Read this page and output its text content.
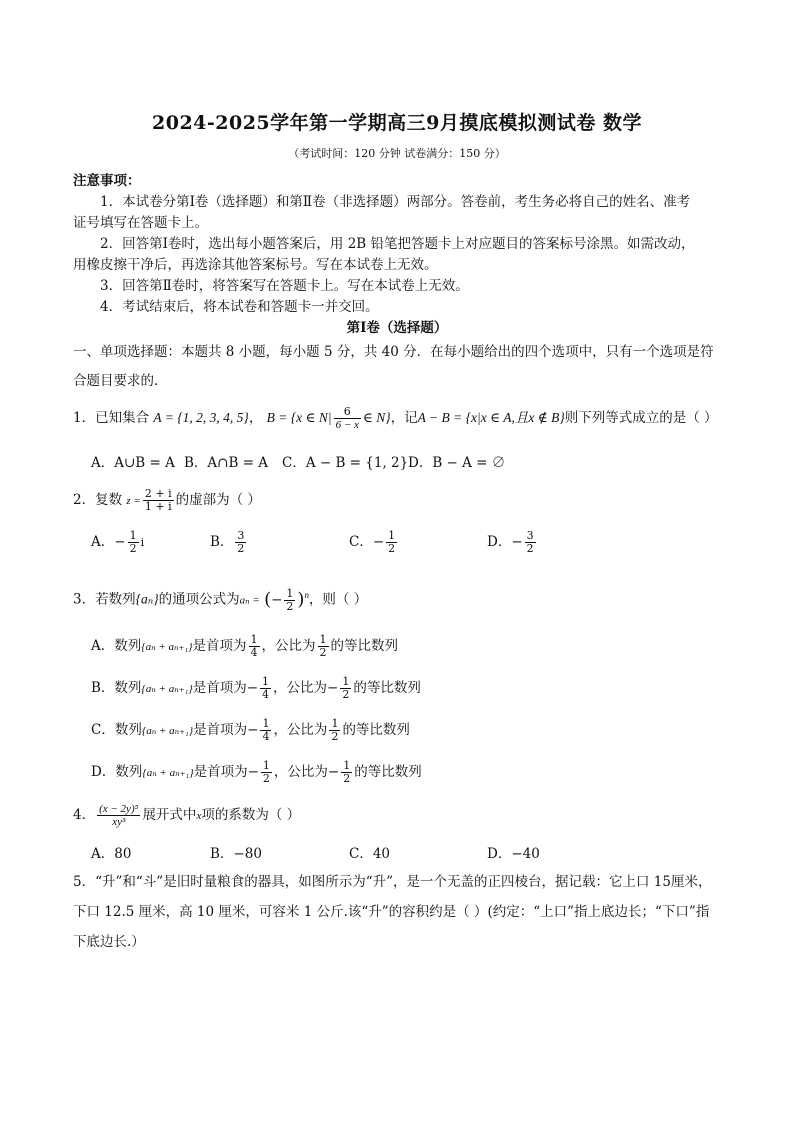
2024-2025学年第一学期高三9月摸底模拟测试卷 数学
（考试时间：120 分钟 试卷满分：150 分）
注意事项：
1．本试卷分第Ⅰ卷（选择题）和第Ⅱ卷（非选择题）两部分。答卷前，考生务必将自己的姓名、准考
证号填写在答题卡上。
2．回答第Ⅰ卷时，选出每小题答案后，用 2B 铅笔把答题卡上对应题目的答案标号涂黑。如需改动，
用橡皮擦干净后，再选涂其他答案标号。写在本试卷上无效。
3．回答第Ⅱ卷时，将答案写在答题卡上。写在本试卷上无效。
4．考试结束后，将本试卷和答题卡一并交回。
第Ⅰ卷（选择题）
一、单项选择题：本题共 8 小题，每小题 5 分，共 40 分．在每小题给出的四个选项中，只有一个选项是符
合题目要求的．
1．已知集合 A = {1, 2, 3, 4, 5}， B = {x ∈ $N| \frac{6}{6 - x}$ ∈ N}，记A − B = {x|x ∈ A,且x ∉ B}则下列等式成立的是（ ）
A．A∪B = A B．A∩B = A C．A − B = {1, 2} D．B − A = ∅
2．复数 $z = \frac{2 + i}{1 + i}$ 的虚部为（ ）
A．− $\frac{1}{2}$ i	B． $\frac{3}{2}$	C．− $\frac{1}{2}$	D．− $\frac{3}{2}$
3．若数列{aₙ}的通项公式为aₙ = (− $\frac{1}{2} )^n$，则（ ）
A．数列{aₙ + aₙ₊₁}是首项为 $\frac{1}{4}$ ，公比为 $\frac{1}{2}$ 的等比数列
B．数列{aₙ + aₙ₊₁}是首项为− $\frac{1}{4}$ ，公比为− $\frac{1}{2}$ 的等比数列
C．数列{aₙ + aₙ₊₁}是首项为− $\frac{1}{4}$ ，公比为 $\frac{1}{2}$ 的等比数列
D．数列{aₙ + aₙ₊₁}是首项为− $\frac{1}{2}$ ，公比为− $\frac{1}{2}$ 的等比数列
4． $\frac{\text{(x − 2y)⁵}}{\text{xy³}}$ 展开式中x项的系数为（ ）
A．80	B．−80	C．40	D．−40
5．“升”和“斗”是旧时量粮食的器具，如图所示为“升”，是一个无盖的正四棱台，据记载：它上口 15厘米，
下口 12.5 厘米，高 10 厘米，可容米 1 公斤.该“升”的容积约是（ ）(约定：“上口”指上底边长；“下口”指
下底边长.）
